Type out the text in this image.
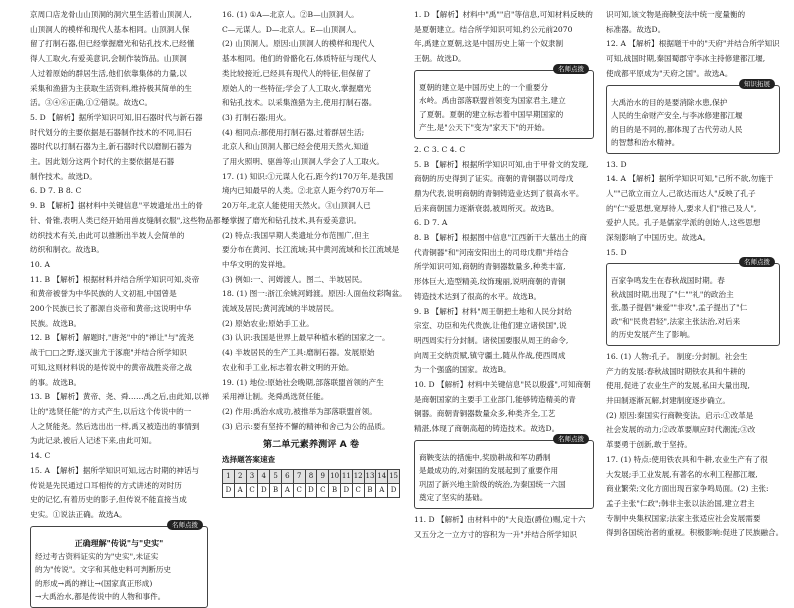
京周口店龙骨山山顶洞的洞穴里生活着山顶洞人,
山顶洞人的模样和现代人基本相同。山顶洞人保
留了打制石器,但已经掌握磨光和钻孔技术,已经懂
得人工取火,有爱美意识,会制作装饰品。山顶洞
人过着原始的群居生活,他们依靠集体的力量,以
采集和渔猎为主获取生活资料,维持极其简单的生
活。③④⑥正确,①②错误。故选C。
5. D 【解析】据所学知识可知,旧石器时代与新石器
时代划分的主要依据是石器制作技术的不同,旧石
器时代以打制石器为主,新石器时代以磨制石器为
主。因此划分这两个时代的主要依据是石器
制作技术。故选D。
6. D 7. B 8. C
9. B 【解析】据材料中关键信息"平坡遗址出土的骨
针、骨锥,表明人类已经开始用兽皮缝制衣服",这些物品都与
纺织技术有关,由此可以推断出半坡人会简单的
纺织和制衣。故选B。
10. A
11. B 【解析】根据材料并结合所学知识可知,炎帝
和黄帝被誉为中华民族的人文初祖,中国曾是
200个民族已长了都源自炎帝和黄帝;这说明中华
民族。故选B。
12. B 【解析】解题时,"唐尧"中的"禅让"与"流尧
战于□□之野,遂灭蚩尤于涿鹿"并结合所学知识
可知,这则材料说的是传说中的黄帝战胜炎帝之战
的事。故选B。
13. B 【解析】黄帝、尧、舜……禹之后,由此知,以禅
让的"选贤任能"的方式产生,以后这个传说中的一
人之贤能尧。然后选出出一样,禹又被造出的事情到
为此记录,被后人记述下来,由此可知。
14. C
15. A 【解析】据所学知识可知,远古时期的神话与
传说是先民通过口耳相传的方式讲述的对时历
史的记忆,有着历史的影子,但传说不能直接当成
史实。①说法正确。故选A。
名师点拨
正确理解"传说"与"史实"
经过考古资料证实的为"史实",未证实
的为"传说"。文字和其他史料可判断历史
的形成→禹的禅让→(国家真正形成)
→大禹治水,都是传说中的人物和事件。
16. (1) ①A—北京人。②B—山顶洞人。
C—元谋人。D—北京人。E—山顶洞人。
(2) 山顶洞人。原因:山顶洞人的模样和现代人
基本相同。他们的骨骼化石,体质特征与现代人
类比较接近,已经具有现代人的特征,但保留了
原始人的一些特征;学会了人工取火,掌握磨光
和钻孔技术。以采集渔猎为主,使用打制石器。
(3) 打制石器;用火。
(4) 相同点:都使用打制石器,过着群居生活;
北京人和山顶洞人都已经会使用天然火,知道
了用火照明、驱兽等;山顶洞人学会了人工取火。
17. (1) 知识:①元谋人化石,距今约170万年,是我国
境内已知最早的人类。②北京人距今约70万年—
20万年,北京人能使用天然火。③山顶洞人已
经掌握了磨光和钻孔技术,具有爱美意识。
(2) 特点:我国早期人类遗址分布范围广,但主
要分布在黄河、长江流域;其中黄河流域和长江流域是
中华文明的发祥地。
(3) 例如:一、河姆渡人。图二、半坡居民。
18. (1) 图一:浙江余姚河姆渡。原因:人面鱼纹彩陶盆。
流域及居民;黄河流域的半坡居民。
(2) 原始农业;原始手工业。
(3) 认识:我国是世界上最早种植水稻的国家之一。
(4) 半坡居民的生产工具:磨制石器。发展原始
农业和手工业,标志着农耕文明的开始。
19. (1) 地位:原始社会晚期,部落联盟首领的产生
采用禅让制。尧舜禹选贤任能。
(2) 作用:禹治水成功,被推举为部落联盟首领。
(3) 启示:要有坚持不懈的精神和舍己为公的品质。
第二单元素养测评 A 卷
选择题答案速查
1	2	3	4	5	6	7	8	9	10	11	12	13	14	15
D	A	C	D	B	A	C	D	C	B	D	C	B	A	D
1. D 【解析】材料中"禹""启"等信息,可知材料反映的
是夏朝建立。结合所学知识可知,约公元前2070
年,禹建立夏朝,这是中国历史上第一个奴隶制
王朝。故选D。
名师点拨
夏朝的建立是中国历史上的一个重要分
水岭。禹由部落联盟首领变为国家君主,建立
了夏朝。夏朝的建立标志着中国早期国家的
产生,是"公天下"变为"家天下"的开始。
2. C 3. C 4. C
5. B 【解析】根据所学知识可知,由于甲骨文的发现,
商朝的历史得到了证实。商朝的青铜器以司母戊
鼎为代表,说明商朝的青铜铸造业达到了很高水平。
后来商朝国力逐渐衰弱,被周所灭。故选B。
6. D 7. A
8. B 【解析】根据图中信息"江西新干大墓出土的商
代青铜器"和"河南安阳出土的司母戊鼎"并结合
所学知识可知,商朝的青铜器数量多,种类丰富,
形体巨大,造型精美,纹饰瑰丽,说明商朝的青铜
铸造技术达到了很高的水平。故选B。
9. B 【解析】材料"周王朝把土地和人民分封给
宗室、功臣和先代贵族,让他们建立诸侯国",说
明西周实行分封制。诸侯国要服从周王的命令,
向周王交纳贡赋,镇守疆土,随从作战,使西周成
为一个强盛的国家。故选B。
10. D 【解析】材料中关键信息"民以殷盛",可知商朝
是商朝国家的主要手工业部门,能够铸造精美的青
铜器。商朝青铜器数量众多,种类齐全,工艺
精湛,体现了商朝高超的铸造技术。故选D。
名师点拨
商鞅变法的措施中,奖励耕战和军功爵制
是最成功的,对秦国的发展起到了重要作用
巩固了新兴地主阶级的统治,为秦国统一六国
奠定了坚实的基础。
11. D 【解析】由材料中的"大良造(爵位)赐,定十六
又五分之一立方寸的容积为一升"并结合所学知识
识可知,该文物是商鞅变法中统一度量衡的
标准器。故选D。
12. A 【解析】根据题干中的"天府"并结合所学知识
可知,战国时期,秦国蜀郡守李冰主持修建都江堰,
使成都平原成为"天府之国"。故选A。
知识拓展
大禹治水的目的是要消除水患,保护
人民的生命财产安全,与李冰修建都江堰
的目的是不同的,都体现了古代劳动人民
的智慧和治水精神。
13. D
14. A 【解析】据所学知识可知,"己所不欲,勿施于
人""己欲立而立人,己欲达而达人"反映了孔子
的"仁"爱思想,宽厚待人,要求人们"推己及人",
爱护人民。孔子是儒家学派的创始人,这些思想
深刻影响了中国历史。故选A。
15. D
名师点拨
百家争鸣发生在春秋战国时期。春
秋战国时期,出现了"仁""礼"的政治主
张,墨子提倡"兼爱""非攻",孟子提出了"仁
政"和"民贵君轻",法家主张法治,对后来
的历史发展产生了影响。
16. (1) 人物:孔子。 制度:分封制。社会生
产力的发展:春秋战国时期铁农具和牛耕的
使用,促进了农业生产的发展,私田大量出现,
井田制逐渐瓦解,封建制度逐步确立。
(2) 原因:秦国实行商鞅变法。启示:①改革是
社会发展的动力;②改革要顺应时代潮流;③改
革要勇于创新,敢于坚持。
17. (1) 特点:使用铁农具和牛耕,农业生产有了很
大发展;手工业发展,有著名的水利工程都江堰,
商业繁荣;文化方面出现百家争鸣局面。(2) 主张:
孟子主张"仁政";韩非主张以法治国,建立君主
专制中央集权国家;法家主张适应社会发展需要
得到各国统治者的重视。积极影响:促进了民族融合。
